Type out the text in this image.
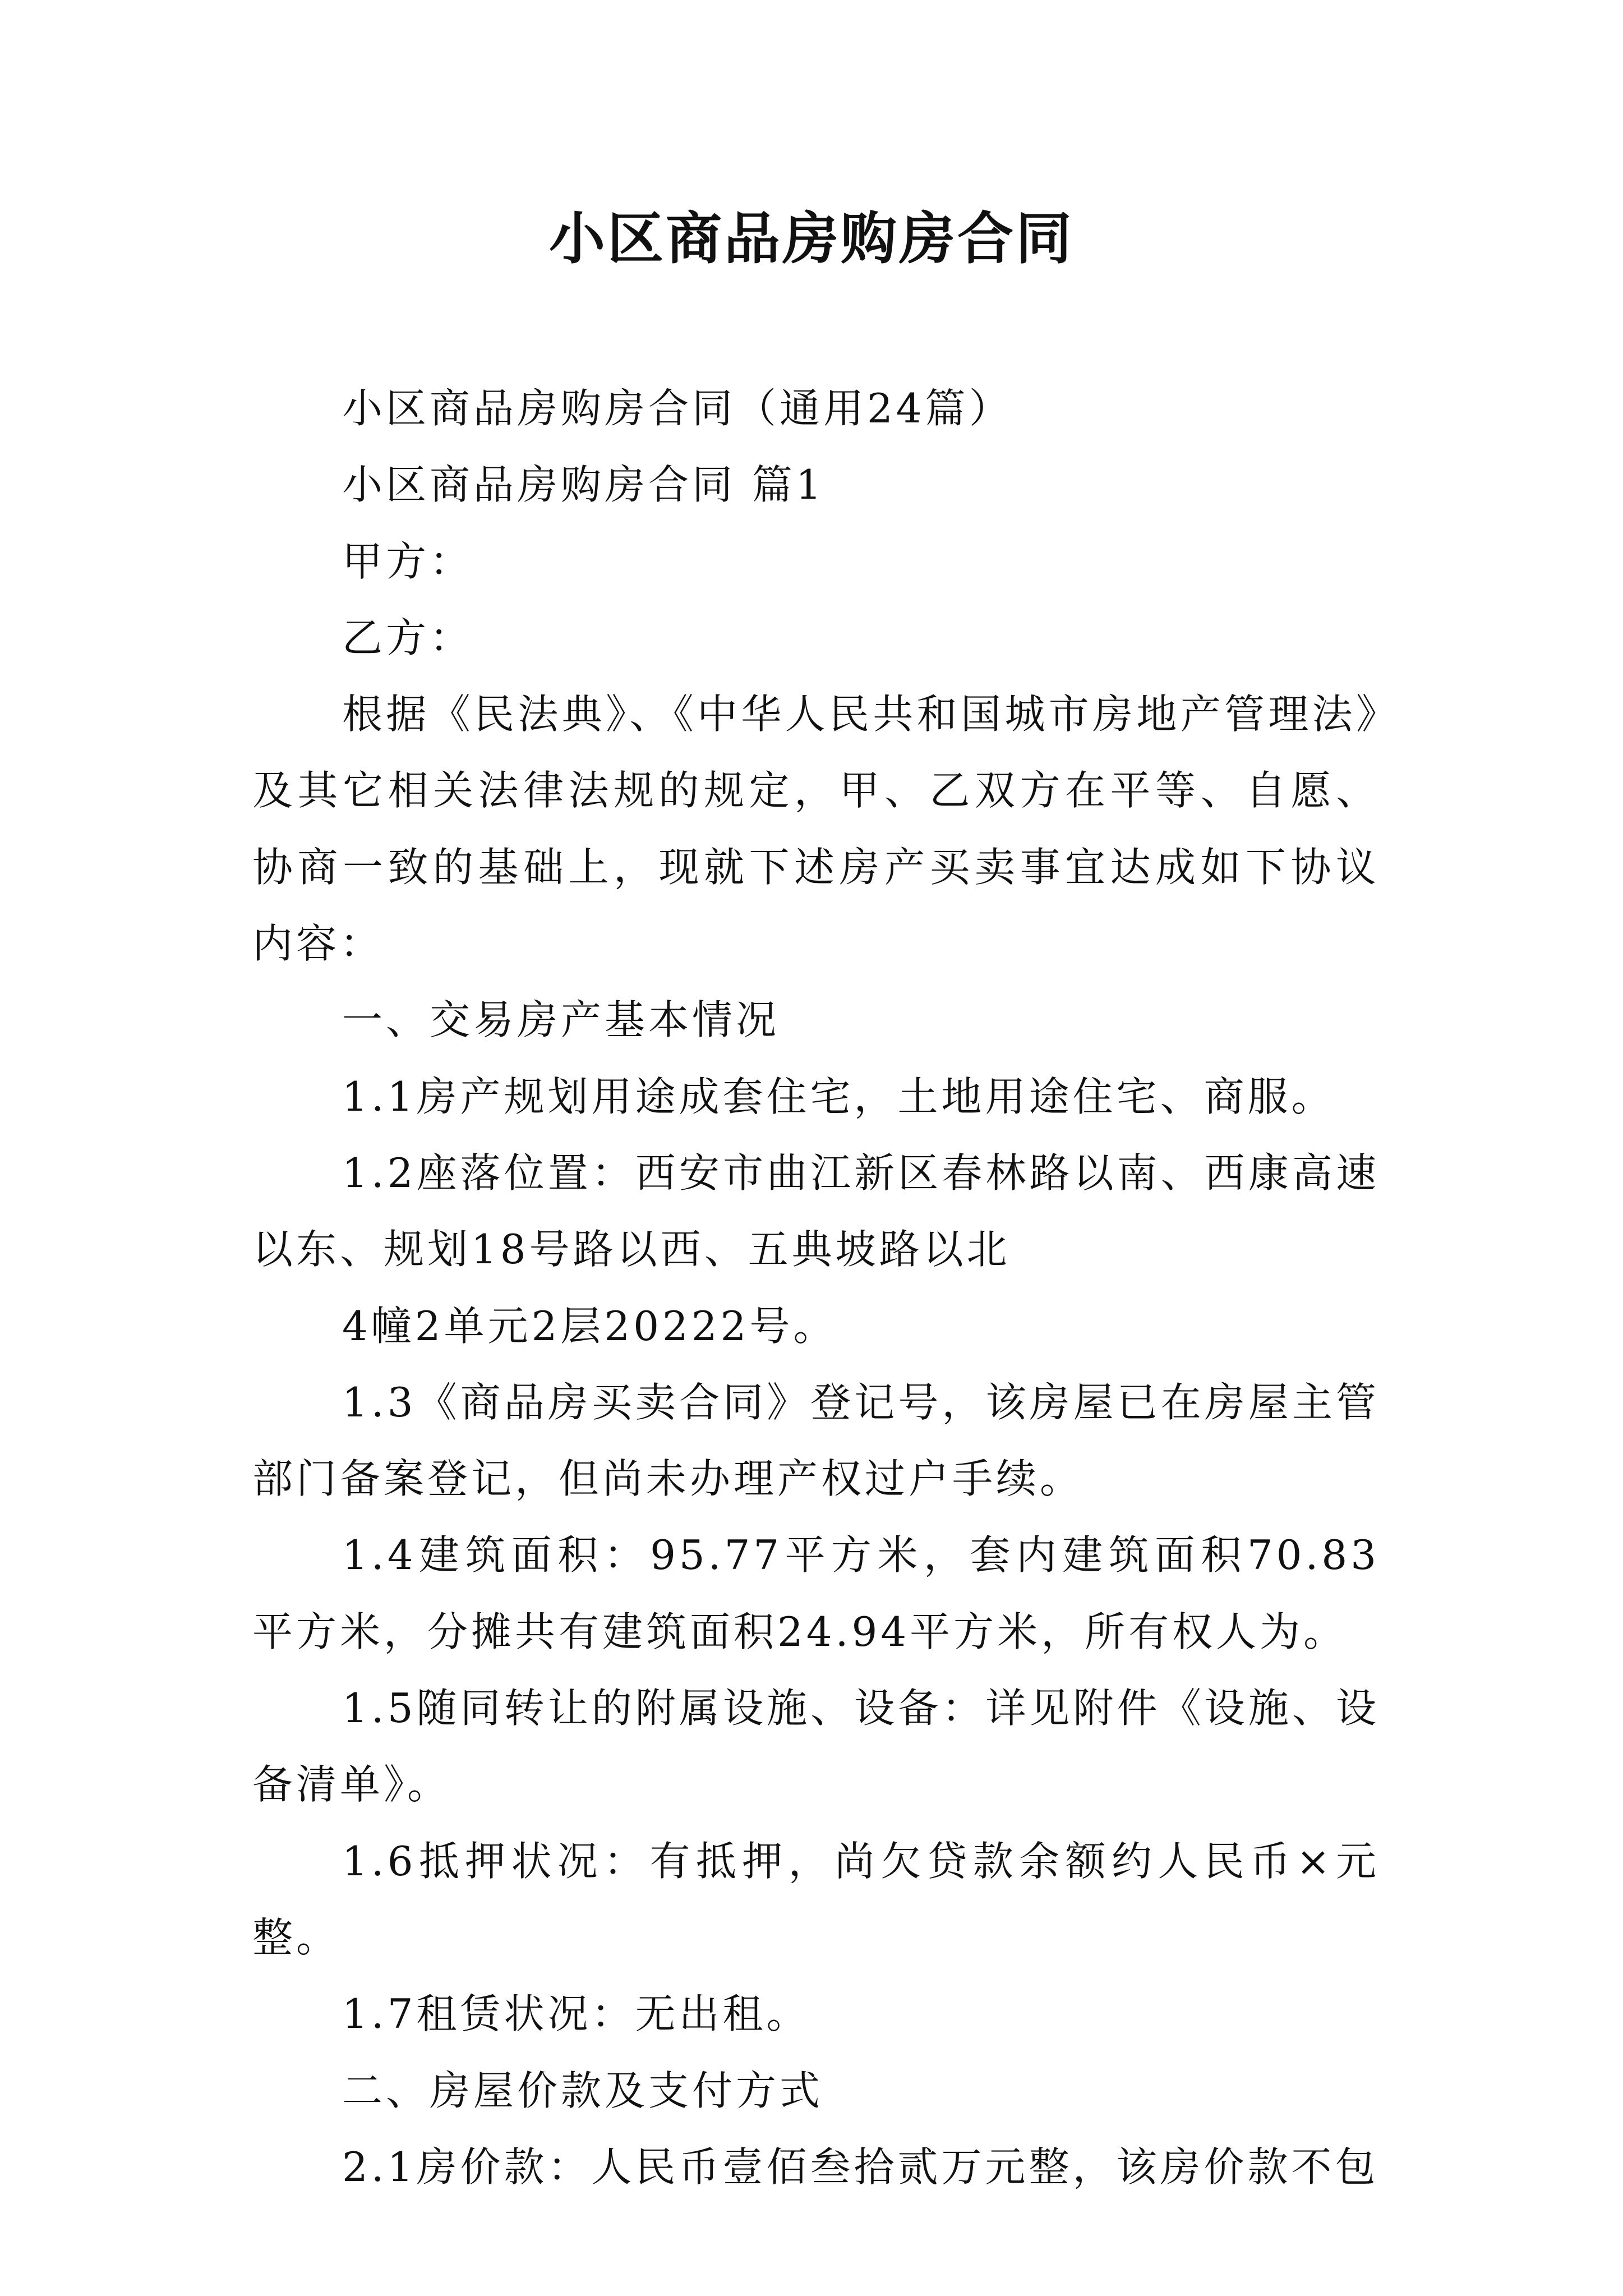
小区商品房购房合同

小区商品房购房合同（通用24篇）

小区商品房购房合同 篇1

甲方：

乙方：

根据《民法典》、《中华人民共和国城市房地产管理法》及其它相关法律法规的规定，甲、乙双方在平等、自愿、协商一致的基础上，现就下述房产买卖事宜达成如下协议内容：

一、交易房产基本情况

1.1房产规划用途成套住宅，土地用途住宅、商服。

1.2座落位置：西安市曲江新区春林路以南、西康高速以东、规划18号路以西、五典坡路以北

4幢2单元2层20222号。

1.3《商品房买卖合同》登记号，该房屋已在房屋主管部门备案登记，但尚未办理产权过户手续。

1.4建筑面积：95.77平方米，套内建筑面积70.83平方米，分摊共有建筑面积24.94平方米，所有权人为。

1.5随同转让的附属设施、设备：详见附件《设施、设备清单》。

1.6抵押状况：有抵押，尚欠贷款余额约人民币×元整。

1.7租赁状况：无出租。

二、房屋价款及支付方式

2.1房价款：人民币壹佰叁拾贰万元整，该房价款不包
